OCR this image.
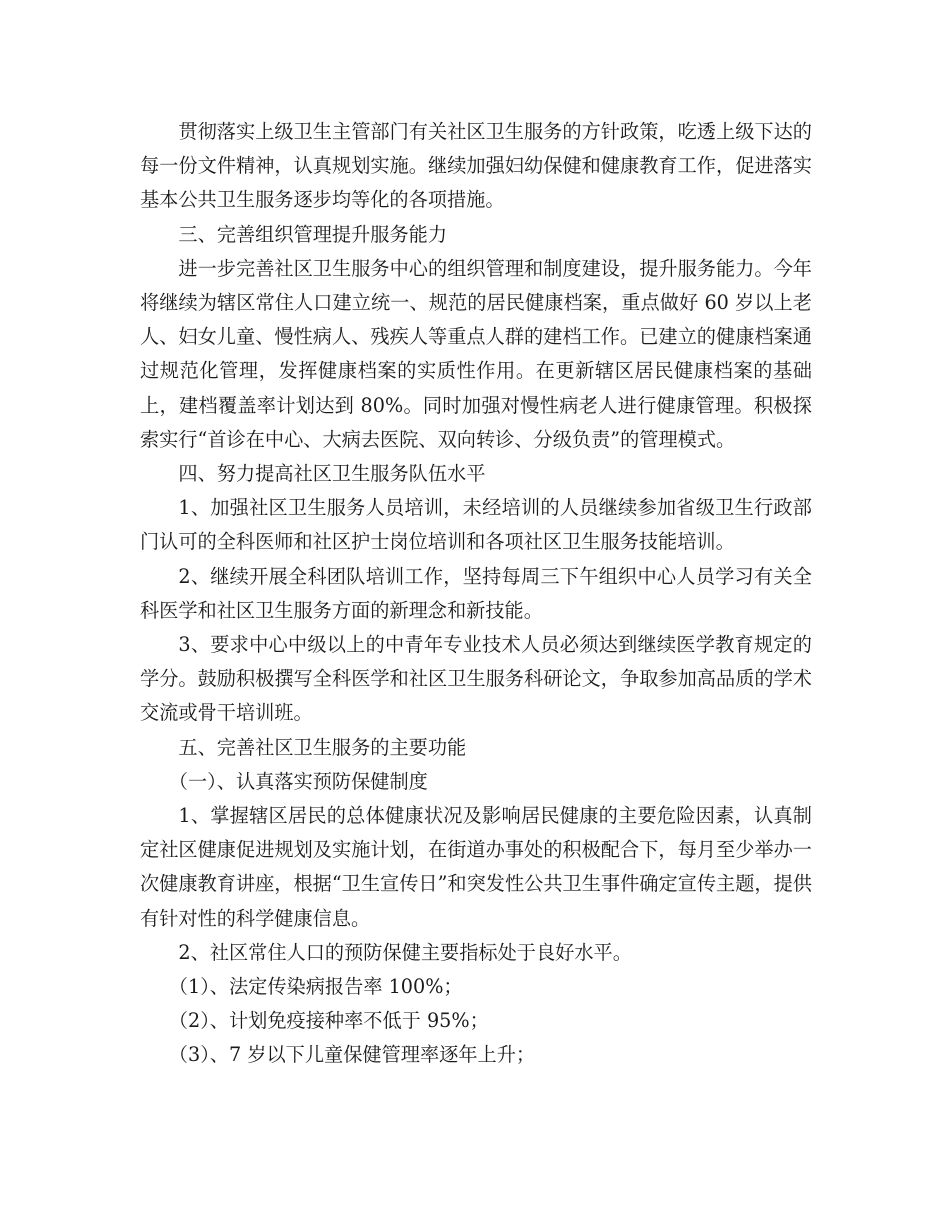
贯彻落实上级卫生主管部门有关社区卫生服务的方针政策，吃透上级下达的每一份文件精神，认真规划实施。继续加强妇幼保健和健康教育工作，促进落实基本公共卫生服务逐步均等化的各项措施。

三、完善组织管理提升服务能力

进一步完善社区卫生服务中心的组织管理和制度建设，提升服务能力。今年将继续为辖区常住人口建立统一、规范的居民健康档案，重点做好 60 岁以上老人、妇女儿童、慢性病人、残疾人等重点人群的建档工作。已建立的健康档案通过规范化管理，发挥健康档案的实质性作用。在更新辖区居民健康档案的基础上，建档覆盖率计划达到 80%。同时加强对慢性病老人进行健康管理。积极探索实行“首诊在中心、大病去医院、双向转诊、分级负责”的管理模式。

四、努力提高社区卫生服务队伍水平

1、加强社区卫生服务人员培训，未经培训的人员继续参加省级卫生行政部门认可的全科医师和社区护士岗位培训和各项社区卫生服务技能培训。

2、继续开展全科团队培训工作，坚持每周三下午组织中心人员学习有关全科医学和社区卫生服务方面的新理念和新技能。

3、要求中心中级以上的中青年专业技术人员必须达到继续医学教育规定的学分。鼓励积极撰写全科医学和社区卫生服务科研论文，争取参加高品质的学术交流或骨干培训班。

五、完善社区卫生服务的主要功能

（一）、认真落实预防保健制度

1、掌握辖区居民的总体健康状况及影响居民健康的主要危险因素，认真制定社区健康促进规划及实施计划，在街道办事处的积极配合下，每月至少举办一次健康教育讲座，根据“卫生宣传日”和突发性公共卫生事件确定宣传主题，提供有针对性的科学健康信息。

2、社区常住人口的预防保健主要指标处于良好水平。

（1）、法定传染病报告率 100%；

（2）、计划免疫接种率不低于 95%；

（3）、7 岁以下儿童保健管理率逐年上升；
